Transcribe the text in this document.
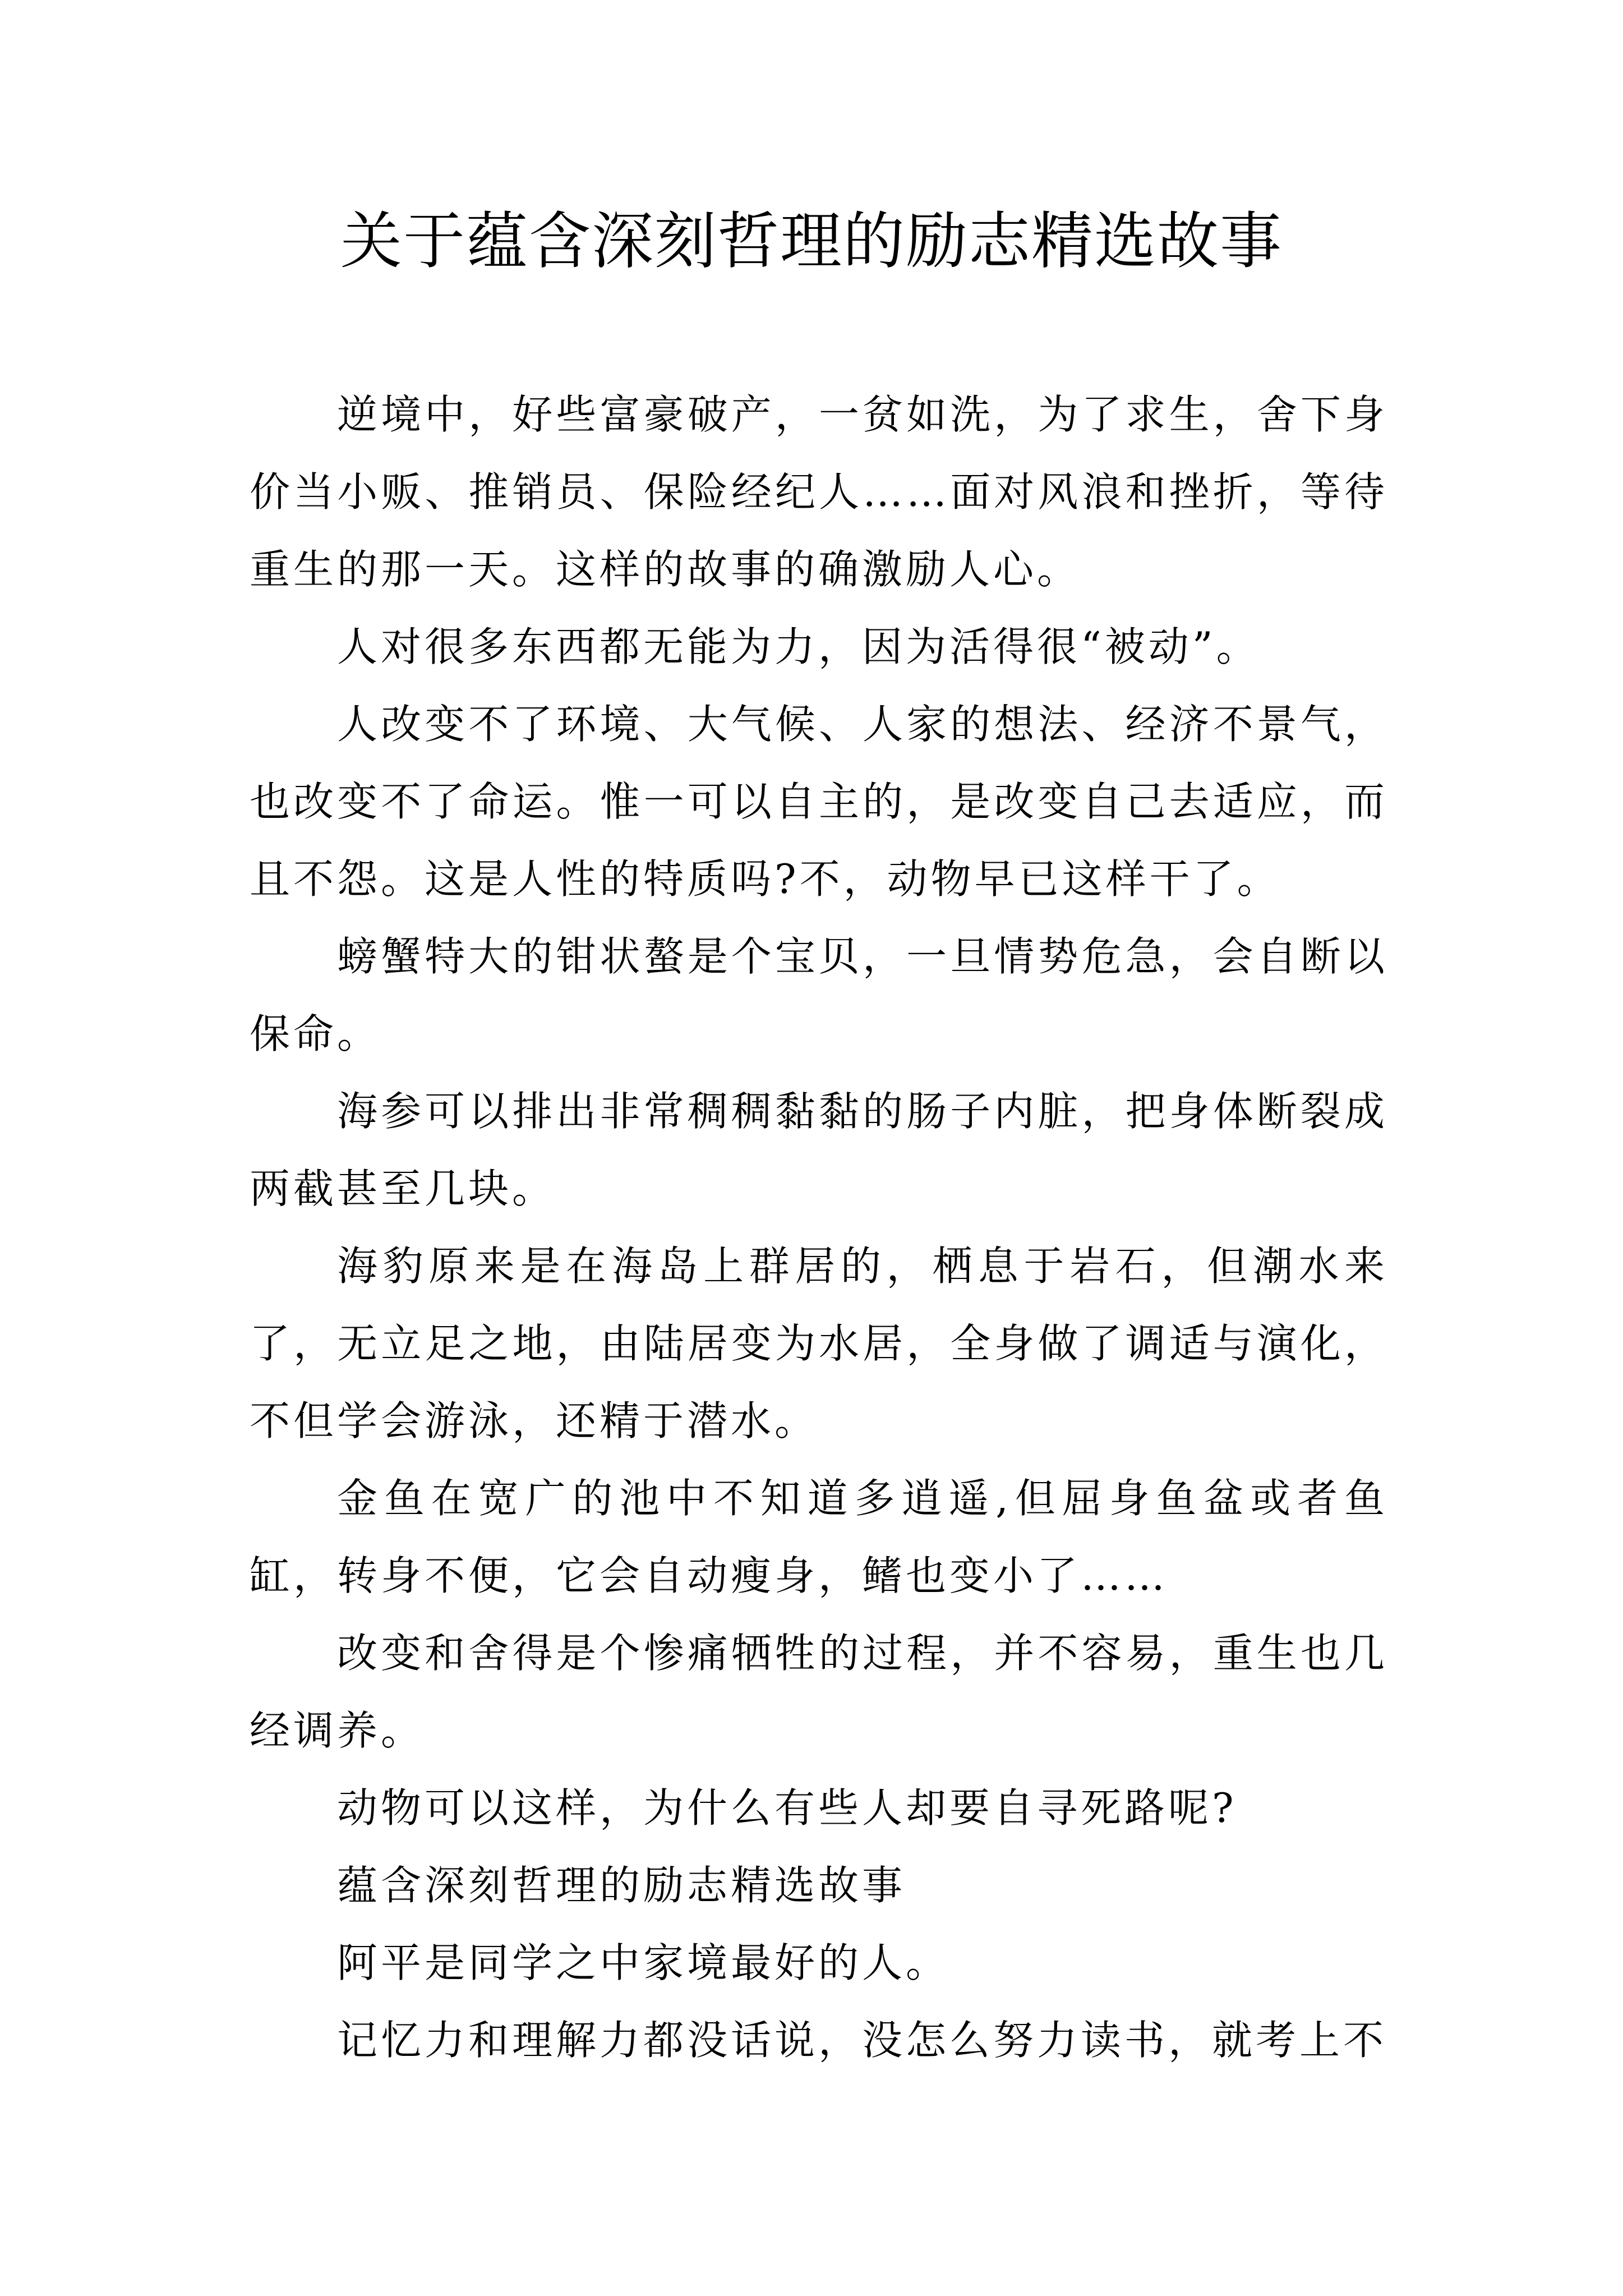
关于蕴含深刻哲理的励志精选故事

逆境中，好些富豪破产，一贫如洗，为了求生，舍下身价当小贩、推销员、保险经纪人……面对风浪和挫折，等待重生的那一天。这样的故事的确激励人心。

人对很多东西都无能为力，因为活得很“被动”。

人改变不了环境、大气候、人家的想法、经济不景气，也改变不了命运。惟一可以自主的，是改变自己去适应，而且不怨。这是人性的特质吗?不，动物早已这样干了。

螃蟹特大的钳状螯是个宝贝，一旦情势危急，会自断以保命。

海参可以排出非常稠稠黏黏的肠子内脏，把身体断裂成两截甚至几块。

海豹原来是在海岛上群居的，栖息于岩石，但潮水来了，无立足之地，由陆居变为水居，全身做了调适与演化，不但学会游泳，还精于潜水。

金鱼在宽广的池中不知道多逍遥,但屈身鱼盆或者鱼缸，转身不便，它会自动瘦身，鳍也变小了……

改变和舍得是个惨痛牺牲的过程，并不容易，重生也几经调养。

动物可以这样，为什么有些人却要自寻死路呢?

蕴含深刻哲理的励志精选故事

阿平是同学之中家境最好的人。

记忆力和理解力都没话说，没怎么努力读书，就考上不
